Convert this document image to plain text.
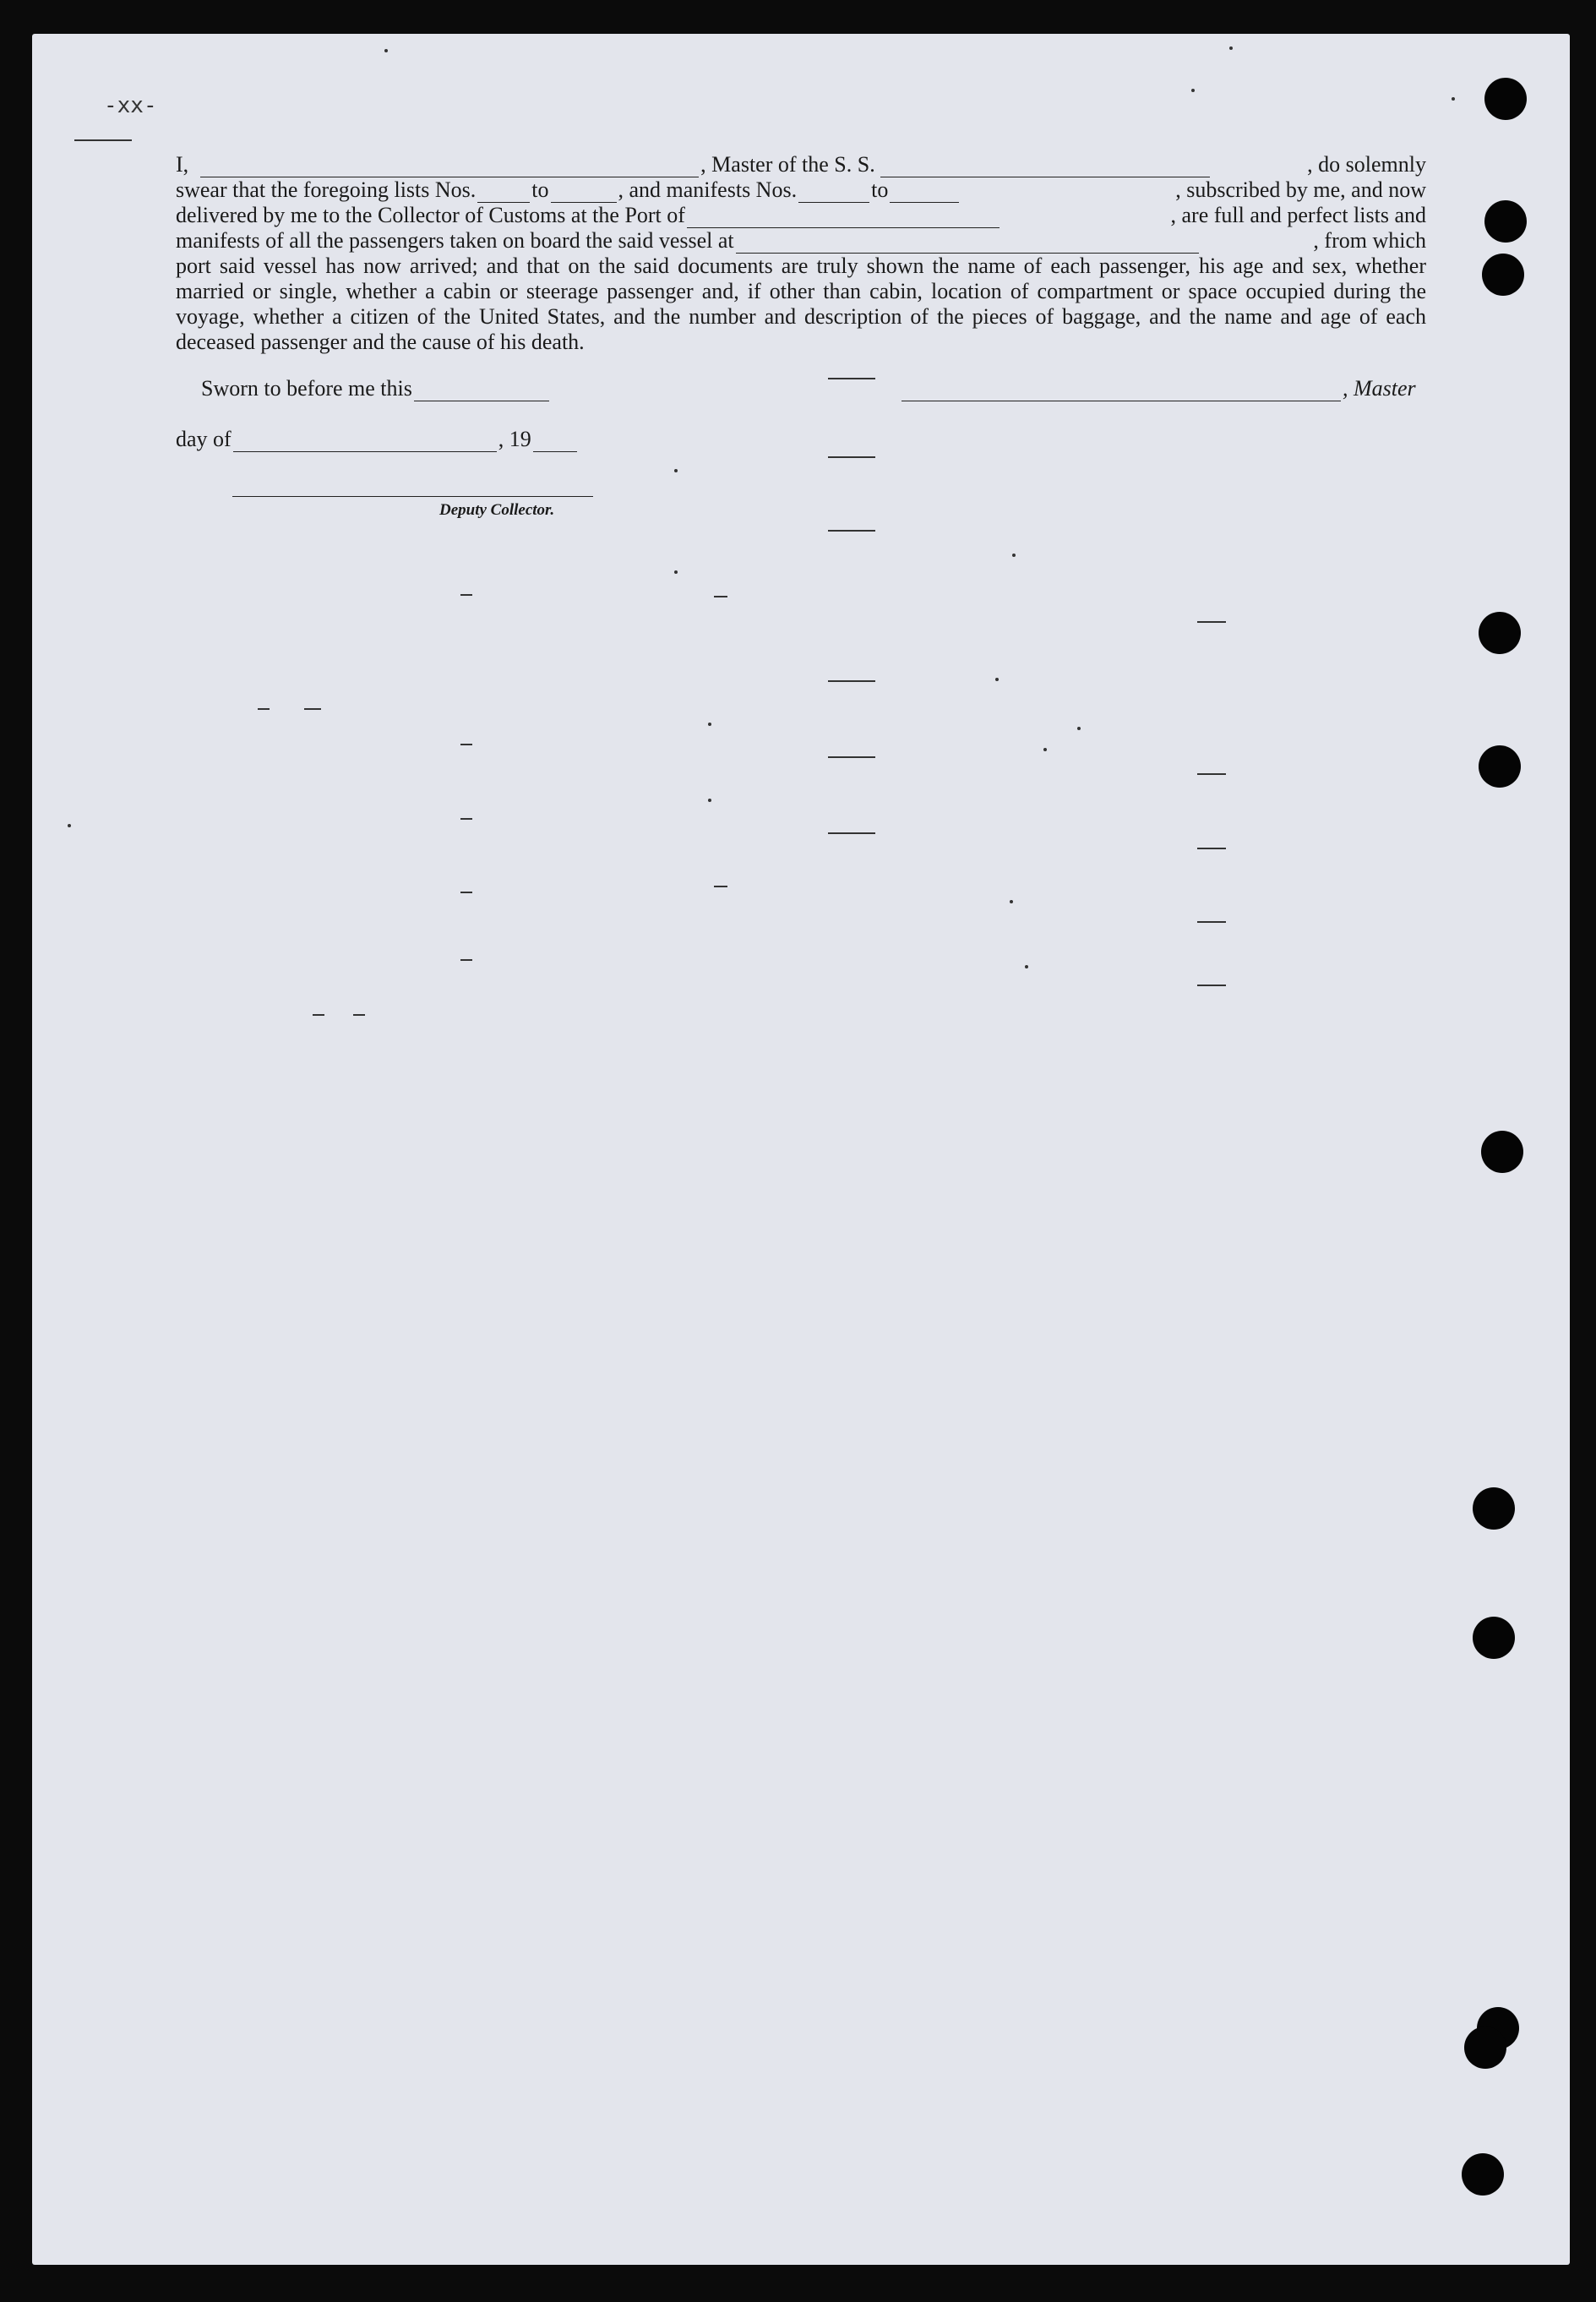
-xx-
I,	, Master of the S. S.	, do solemnly
swear that the foregoing lists Nos.	to	, and manifests Nos.	to	, subscribed by me, and now
delivered by me to the Collector of Customs at the Port of	, are full and perfect lists and
manifests of all the passengers taken on board the said vessel at	, from which

port said vessel has now arrived; and that on the said documents are truly shown the name of each passenger, his age and sex, whether married or single, whether a cabin or steerage passenger and, if other than cabin, location of compartment or space occupied during the voyage, whether a citizen of the United States, and the number and description of the pieces of baggage, and the name and age of each deceased passenger and the cause of his death.

Sworn to before me this	, Master
day of	, 19
Deputy Collector.
